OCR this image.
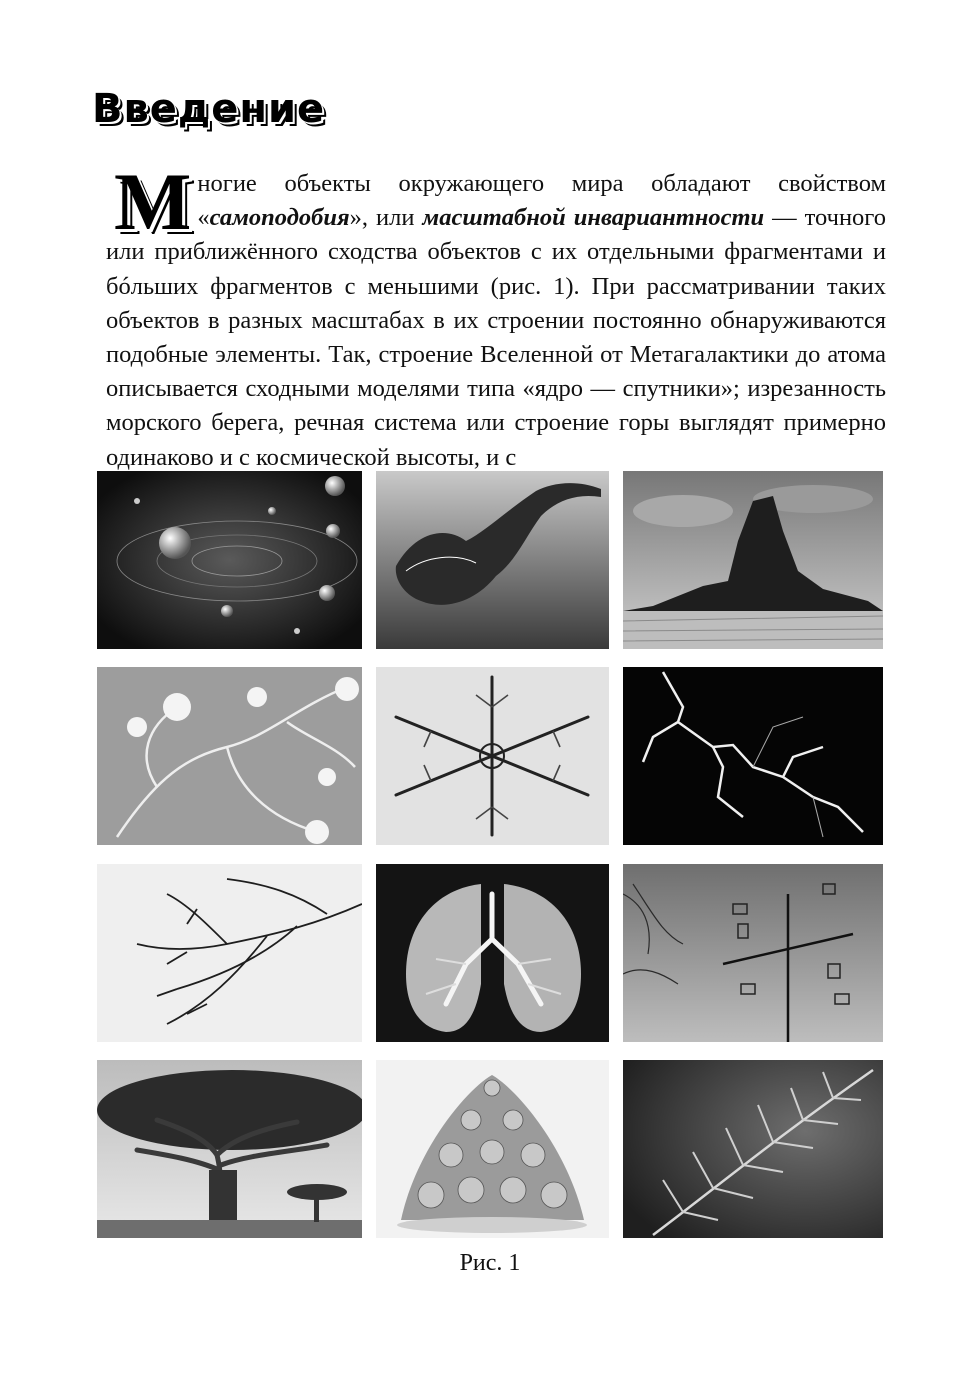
Введение

Многие объекты окружающего мира обладают свойством «самоподобия», или масштабной инвариантности — точного или приближённого сходства объектов с их отдельными фрагментами и бóльших фрагментов с меньшими (рис. 1). При рассматривании таких объектов в разных масштабах в их строении постоянно обнаруживаются подобные элементы. Так, строение Вселенной от Метагалактики до атома описывается сходными моделями типа «ядро — спутники»; изрезанность морского берега, речная система или строение горы выглядят примерно одинаково и с космической высоты, и с

Рис. 1
